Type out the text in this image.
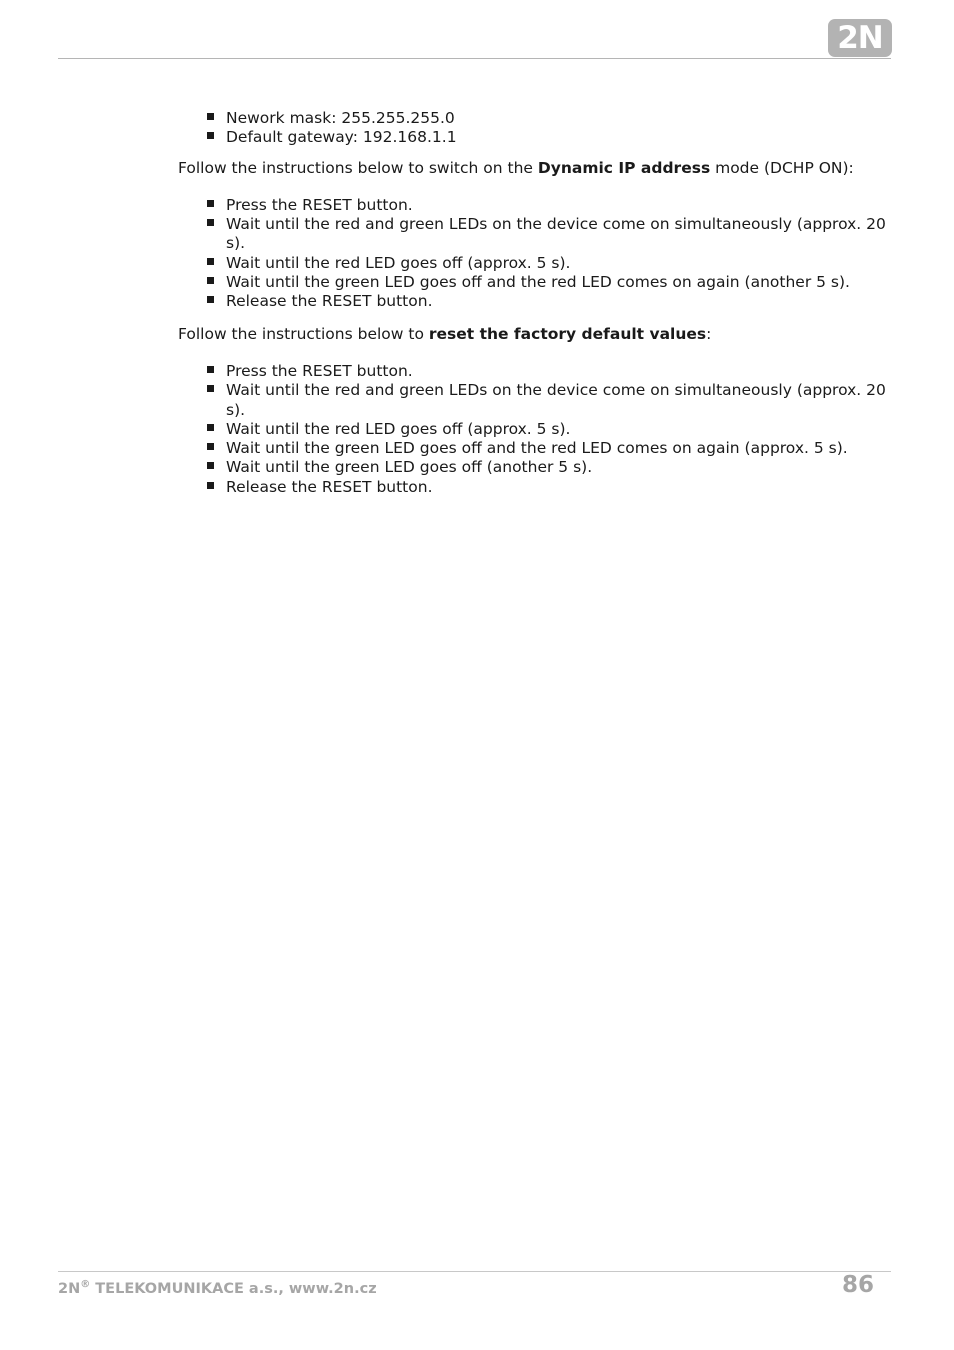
2N
Nework mask: 255.255.255.0
Default gateway: 192.168.1.1

Follow the instructions below to switch on the Dynamic IP address mode (DCHP ON):

Press the RESET button.
Wait until the red and green LEDs on the device come on simultaneously (approx. 20 s).
Wait until the red LED goes off (approx. 5 s).
Wait until the green LED goes off and the red LED comes on again (another 5 s).
Release the RESET button.

Follow the instructions below to reset the factory default values:

Press the RESET button.
Wait until the red and green LEDs on the device come on simultaneously (approx. 20 s).
Wait until the red LED goes off (approx. 5 s).
Wait until the green LED goes off and the red LED comes on again (approx. 5 s).
Wait until the green LED goes off (another 5 s).
Release the RESET button.
2N® TELEKOMUNIKACE a.s., www.2n.cz	86
